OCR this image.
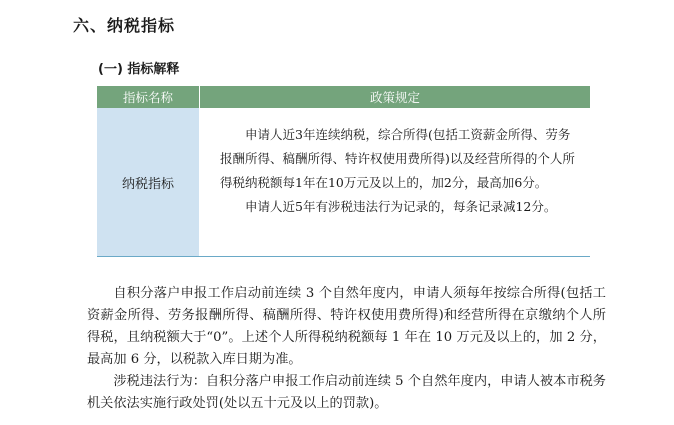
六、纳税指标
(一) 指标解释
指标名称	政策规定
纳税指标

申请人近3年连续纳税，综合所得(包括工资薪金所得、劳务报酬所得、稿酬所得、特许权使用费所得)以及经营所得的个人所得税纳税额每1年在10万元及以上的，加2分，最高加6分。

申请人近5年有涉税违法行为记录的，每条记录减12分。

自积分落户申报工作启动前连续 3 个自然年度内，申请人须每年按综合所得(包括工资薪金所得、劳务报酬所得、稿酬所得、特许权使用费所得)和经营所得在京缴纳个人所得税，且纳税额大于“0”。上述个人所得税纳税额每 1 年在 10 万元及以上的，加 2 分，最高加 6 分，以税款入库日期为准。

涉税违法行为：自积分落户申报工作启动前连续 5 个自然年度内，申请人被本市税务机关依法实施行政处罚(处以五十元及以上的罚款)。
